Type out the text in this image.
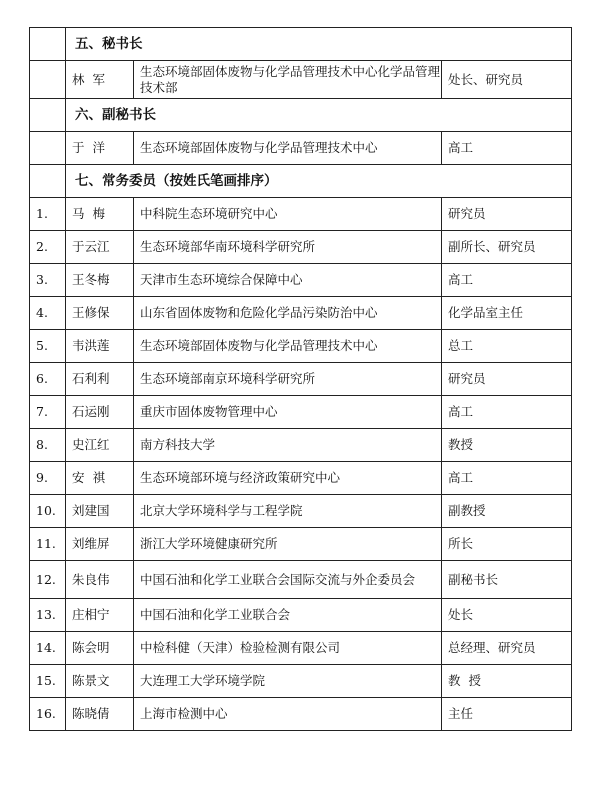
	五、秘书长		
	林  军	生态环境部固体废物与化学品管理技术中心化学品管理技术部	处长、研究员
	六、副秘书长		
	于  洋	生态环境部固体废物与化学品管理技术中心	高工
	七、常务委员（按姓氏笔画排序）		
1.	马  梅	中科院生态环境研究中心	研究员
2.	于云江	生态环境部华南环境科学研究所	副所长、研究员
3.	王冬梅	天津市生态环境综合保障中心	高工
4.	王修保	山东省固体废物和危险化学品污染防治中心	化学品室主任
5.	韦洪莲	生态环境部固体废物与化学品管理技术中心	总工
6.	石利利	生态环境部南京环境科学研究所	研究员
7.	石运刚	重庆市固体废物管理中心	高工
8.	史江红	南方科技大学	教授
9.	安  祺	生态环境部环境与经济政策研究中心	高工
10.	刘建国	北京大学环境科学与工程学院	副教授
11.	刘维屏	浙江大学环境健康研究所	所长
12.	朱良伟	中国石油和化学工业联合会国际交流与外企委员会	副秘书长
13.	庄相宁	中国石油和化学工业联合会	处长
14.	陈会明	中检科健（天津）检验检测有限公司	总经理、研究员
15.	陈景文	大连理工大学环境学院	教  授
16.	陈晓倩	上海市检测中心	主任
